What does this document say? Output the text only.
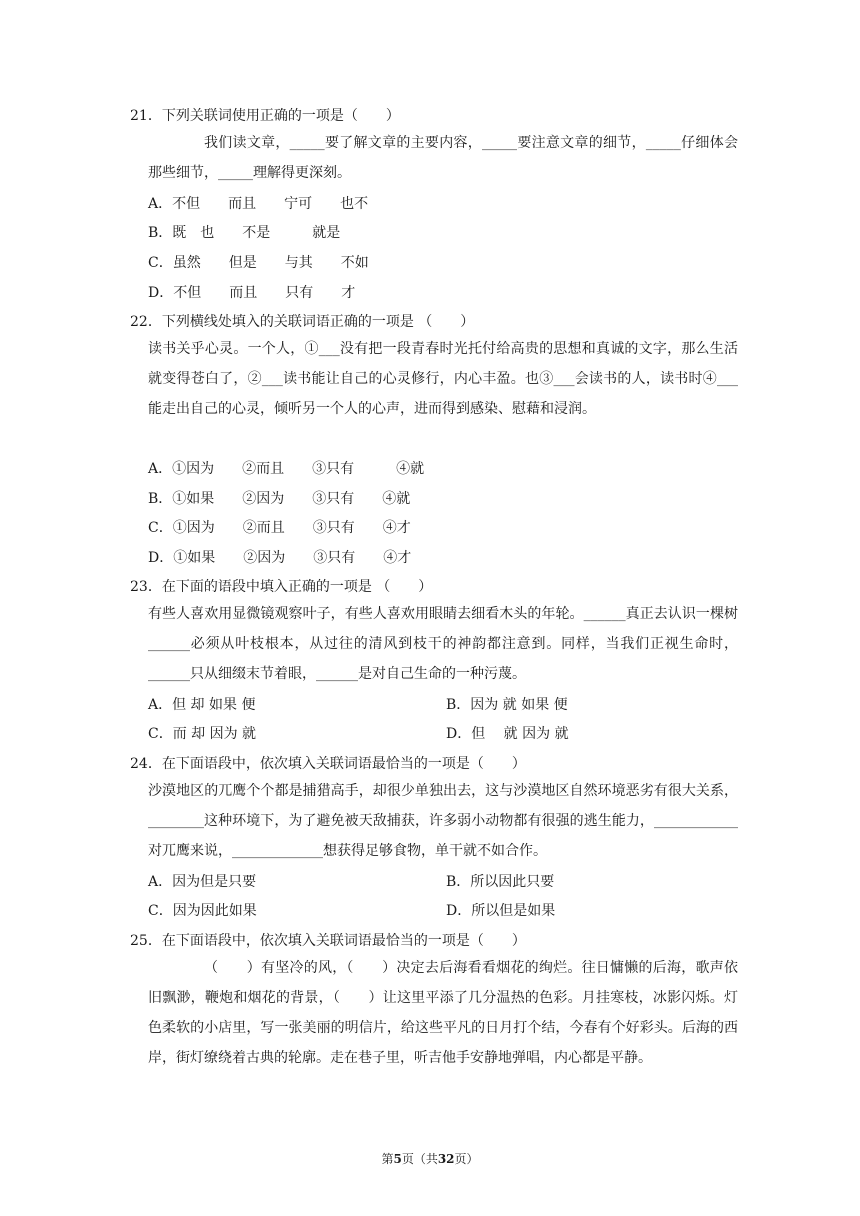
21．下列关联词使用正确的一项是（　　）
我们读文章，_____要了解文章的主要内容，_____要注意文章的细节，_____仔细体会那些细节，_____理解得更深刻。
A．不但　　而且　　宁可　　也不
B．既　也　　不是　　　就是
C．虽然　　但是　　与其　　不如
D．不但　　而且　　只有　　才
22．下列横线处填入的关联词语正确的一项是 （　　）
读书关乎心灵。一个人，①___没有把一段青春时光托付给高贵的思想和真诚的文字，那么生活就变得苍白了，②___读书能让自己的心灵修行，内心丰盈。也③___会读书的人，读书时④___能走出自己的心灵，倾听另一个人的心声，进而得到感染、慰藉和浸润。
A．①因为　　②而且　　③只有　　　④就
B．①如果　　②因为　　③只有　　④就
C．①因为　　②而且　　③只有　　④才
D．①如果　　②因为　　③只有　　④才
23．在下面的语段中填入正确的一项是 （　　）
有些人喜欢用显微镜观察叶子，有些人喜欢用眼睛去细看木头的年轮。______真正去认识一棵树 ______必须从叶枝根本，从过往的清风到枝干的神韵都注意到。同样，当我们正视生命时，______只从细缀末节着眼，______是对自己生命的一种污蔑。
A．但 却 如果 便	B．因为 就 如果 便
C．而 却 因为 就	D．但　 就 因为 就
24．在下面语段中，依次填入关联词语最恰当的一项是（　　）
沙漠地区的兀鹰个个都是捕猎高手，却很少单独出去，这与沙漠地区自然环境恶劣有很大关系，________这种环境下，为了避免被天敌捕获，许多弱小动物都有很强的逃生能力，____________对兀鹰来说，_____________想获得足够食物，单干就不如合作。
A．因为但是只要	B．所以因此只要
C．因为因此如果	D．所以但是如果
25．在下面语段中，依次填入关联词语最恰当的一项是（　　）
（　　）有坚冷的风，（　　）决定去后海看看烟花的绚烂。往日慵懒的后海，歌声依旧飘渺，鞭炮和烟花的背景，（　　）让这里平添了几分温热的色彩。月挂寒枝，冰影闪烁。灯色柔软的小店里，写一张美丽的明信片，给这些平凡的日月打个结，今春有个好彩头。后海的西岸，街灯缭绕着古典的轮廓。走在巷子里，听吉他手安静地弹唱，内心都是平静。
第5页（共32页）
